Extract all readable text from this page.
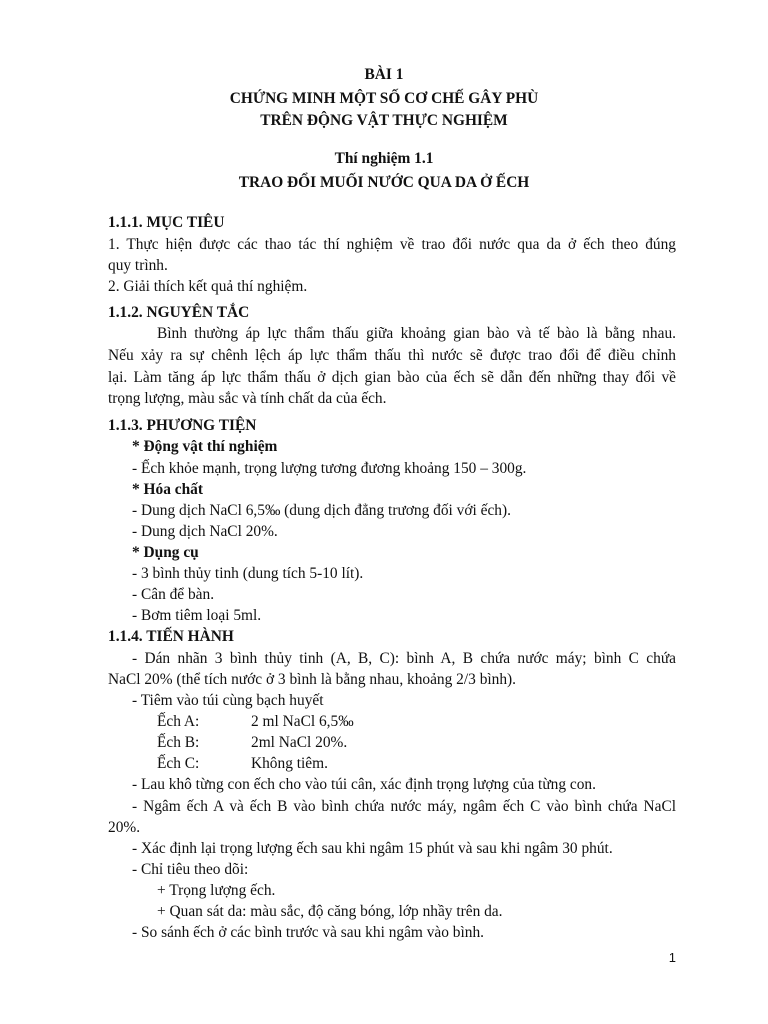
BÀI 1
CHỨNG MINH MỘT SỐ CƠ CHẾ GÂY PHÙ
TRÊN ĐỘNG VẬT THỰC NGHIỆM
Thí nghiệm 1.1
TRAO ĐỔI MUỐI NƯỚC QUA DA Ở ẾCH
1.1.1. MỤC TIÊU
1. Thực hiện được các thao tác thí nghiệm về trao đổi nước qua da ở ếch theo đúng
quy trình.
2. Giải thích kết quả thí nghiệm.
1.1.2. NGUYÊN TẮC
Bình thường áp lực thẩm thấu giữa khoảng gian bào và tế bào là bằng nhau.
Nếu xảy ra sự chênh lệch áp lực thẩm thấu thì nước sẽ được trao đổi để điều chỉnh
lại. Làm tăng áp lực thẩm thấu ở dịch gian bào của ếch sẽ dẫn đến những thay đổi về
trọng lượng, màu sắc và tính chất da của ếch.
1.1.3. PHƯƠNG TIỆN
* Động vật thí nghiệm
- Ếch khỏe mạnh, trọng lượng tương đương khoảng 150 – 300g.
* Hóa chất
- Dung dịch NaCl 6,5‰ (dung dịch đẳng trương đối với ếch).
- Dung dịch NaCl 20%.
* Dụng cụ
- 3 bình thủy tinh (dung tích 5-10 lít).
- Cân để bàn.
- Bơm tiêm loại 5ml.
1.1.4. TIẾN HÀNH
- Dán nhãn 3 bình thủy tinh (A, B, C): bình A, B chứa nước máy; bình C chứa
NaCl 20% (thể tích nước ở 3 bình là bằng nhau, khoảng 2/3 bình).
- Tiêm vào túi cùng bạch huyết
Ếch A:	2 ml NaCl 6,5‰
Ếch B:	2ml NaCl 20%.
Ếch C:	Không tiêm.
- Lau khô từng con ếch cho vào túi cân, xác định trọng lượng của từng con.
- Ngâm ếch A và ếch B vào bình chứa nước máy, ngâm ếch C vào bình chứa NaCl
20%.
- Xác định lại trọng lượng ếch sau khi ngâm 15 phút và sau khi ngâm 30 phút.
- Chỉ tiêu theo dõi:
+ Trọng lượng ếch.
+ Quan sát da: màu sắc, độ căng bóng, lớp nhầy trên da.
- So sánh ếch ở các bình trước và sau khi ngâm vào bình.
1
